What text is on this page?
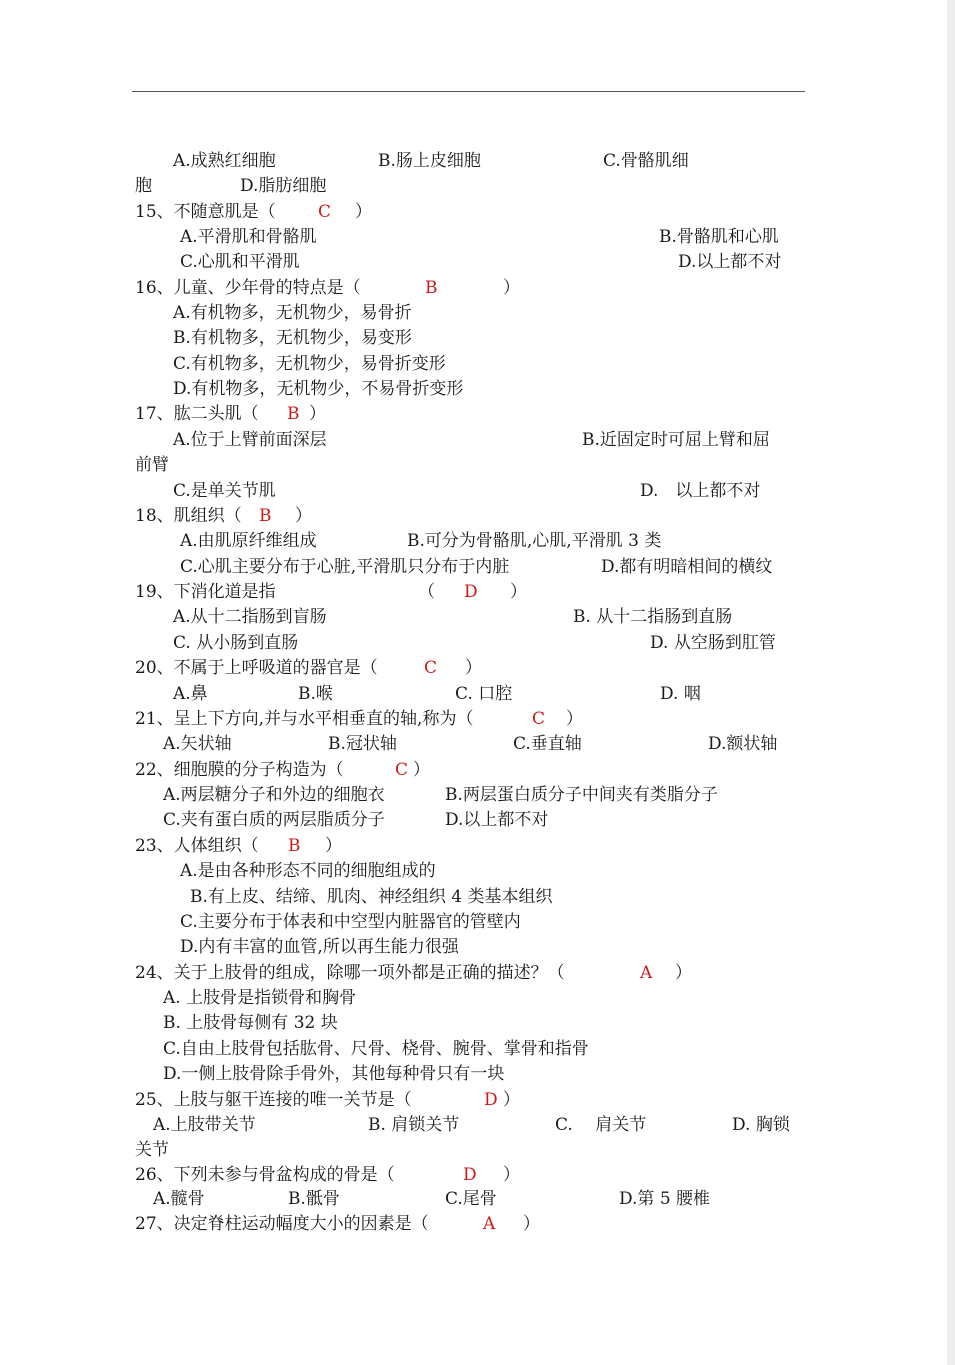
A.成熟红细胞	B.肠上皮细胞	C.骨骼肌细
胞	D.脂肪细胞
15、不随意肌是（ C ）
A.平滑肌和骨骼肌	B.骨骼肌和心肌
C.心肌和平滑肌	D.以上都不对
16、儿童、少年骨的特点是（	B	）
A.有机物多，无机物少，易骨折
B.有机物多，无机物少，易变形
C.有机物多，无机物少，易骨折变形
D.有机物多，无机物少，不易骨折变形
17、肱二头肌（ B ）
A.位于上臂前面深层	B.近固定时可屈上臂和屈
前臂
C.是单关节肌	D.　以上都不对
18、肌组织（ B ）
A.由肌原纤维组成	B.可分为骨骼肌,心肌,平滑肌 3 类
C.心肌主要分布于心脏,平滑肌只分布于内脏	D.都有明暗相间的横纹
19、下消化道是指	（ D ）
A.从十二指肠到盲肠	B. 从十二指肠到直肠
C. 从小肠到直肠	D. 从空肠到肛管
20、不属于上呼吸道的器官是（	C ）
A.鼻	B.喉	C. 口腔	D. 咽
21、呈上下方向,并与水平相垂直的轴,称为（	C ）
A.矢状轴	B.冠状轴	C.垂直轴	D.额状轴
22、细胞膜的分子构造为（	C ）
A.两层糖分子和外边的细胞衣	B.两层蛋白质分子中间夹有类脂分子
C.夹有蛋白质的两层脂质分子	D.以上都不对
23、人体组织（ B ）
A.是由各种形态不同的细胞组成的
B.有上皮、结缔、肌肉、神经组织 4 类基本组织
C.主要分布于体表和中空型内脏器官的管壁内
D.内有丰富的血管,所以再生能力很强
24、关于上肢骨的组成，除哪一项外都是正确的描述？（	A ）
A. 上肢骨是指锁骨和胸骨
B. 上肢骨每侧有 32 块
C.自由上肢骨包括肱骨、尺骨、桡骨、腕骨、掌骨和指骨
D.一侧上肢骨除手骨外，其他每种骨只有一块
25、上肢与躯干连接的唯一关节是（	D ）
A.上肢带关节	B. 肩锁关节	C.　 肩关节	D. 胸锁
关节
26、下列未参与骨盆构成的骨是（	D ）
A.髋骨	B.骶骨	C.尾骨	D.第 5 腰椎
27、决定脊柱运动幅度大小的因素是（	A ）
